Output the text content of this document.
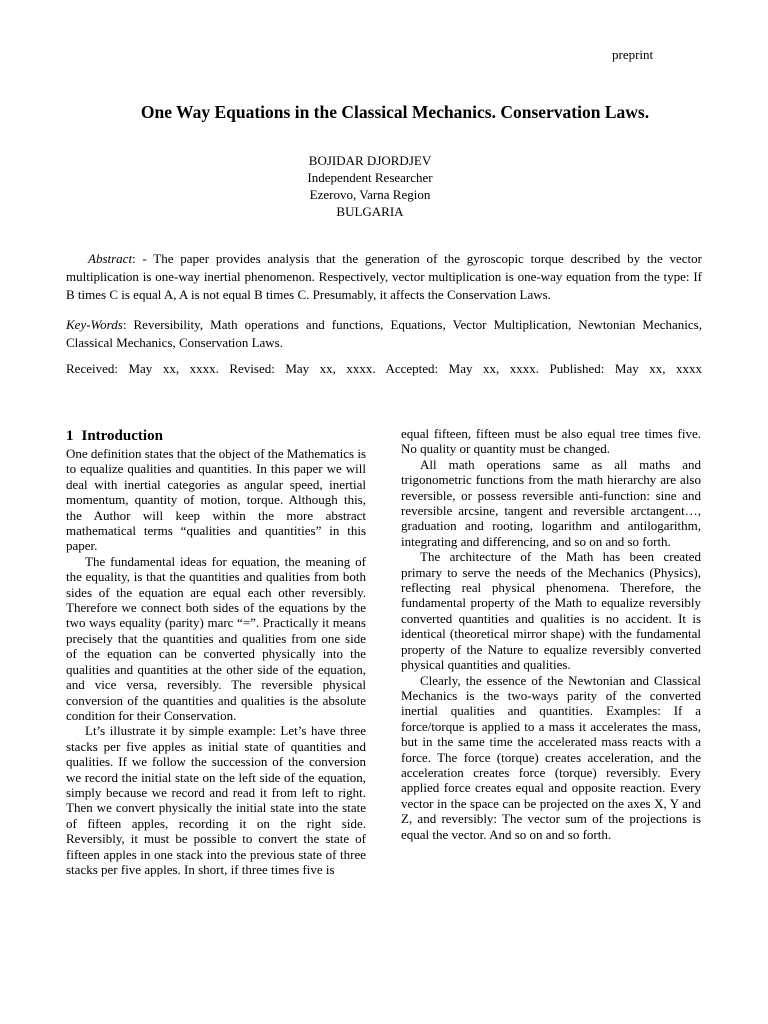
preprint
One Way Equations in the Classical Mechanics. Conservation Laws.
BOJIDAR DJORDJEV
Independent Researcher
Ezerovo, Varna Region
BULGARIA
Abstract: - The paper provides analysis that the generation of the gyroscopic torque described by the vector multiplication is one-way inertial phenomenon. Respectively, vector multiplication is one-way equation from the type: If B times C is equal A, A is not equal B times C. Presumably, it affects the Conservation Laws.
Key-Words: Reversibility, Math operations and functions, Equations, Vector Multiplication, Newtonian Mechanics, Classical Mechanics, Conservation Laws.
Received: May xx, xxxx. Revised: May xx, xxxx. Accepted: May xx, xxxx. Published: May xx, xxxx
1 Introduction

One definition states that the object of the Mathematics is to equalize qualities and quantities. In this paper we will deal with inertial categories as angular speed, inertial momentum, quantity of motion, torque. Although this, the Author will keep within the more abstract mathematical terms “qualities and quantities” in this paper.

The fundamental ideas for equation, the meaning of the equality, is that the quantities and qualities from both sides of the equation are equal each other reversibly. Therefore we connect both sides of the equations by the two ways equality (parity) marc “=”. Practically it means precisely that the quantities and qualities from one side of the equation can be converted physically into the qualities and quantities at the other side of the equation, and vice versa, reversibly. The reversible physical conversion of the quantities and qualities is the absolute condition for their Conservation.

Lt’s illustrate it by simple example: Let’s have three stacks per five apples as initial state of quantities and qualities. If we follow the succession of the conversion we record the initial state on the left side of the equation, simply because we record and read it from left to right. Then we convert physically the initial state into the state of fifteen apples, recording it on the right side. Reversibly, it must be possible to convert the state of fifteen apples in one stack into the previous state of three stacks per five apples. In short, if three times five is

equal fifteen, fifteen must be also equal tree times five. No quality or quantity must be changed.

All math operations same as all maths and trigonometric functions from the math hierarchy are also reversible, or possess reversible anti-function: sine and reversible arcsine, tangent and reversible arctangent…, graduation and rooting, logarithm and antilogarithm, integrating and differencing, and so on and so forth.

The architecture of the Math has been created primary to serve the needs of the Mechanics (Physics), reflecting real physical phenomena. Therefore, the fundamental property of the Math to equalize reversibly converted quantities and qualities is no accident. It is identical (theoretical mirror shape) with the fundamental property of the Nature to equalize reversibly converted physical quantities and qualities.

Clearly, the essence of the Newtonian and Classical Mechanics is the two-ways parity of the converted inertial qualities and quantities. Examples: If a force/torque is applied to a mass it accelerates the mass, but in the same time the accelerated mass reacts with a force. The force (torque) creates acceleration, and the acceleration creates force (torque) reversibly. Every applied force creates equal and opposite reaction. Every vector in the space can be projected on the axes X, Y and Z, and reversibly: The vector sum of the projections is equal the vector. And so on and so forth.
